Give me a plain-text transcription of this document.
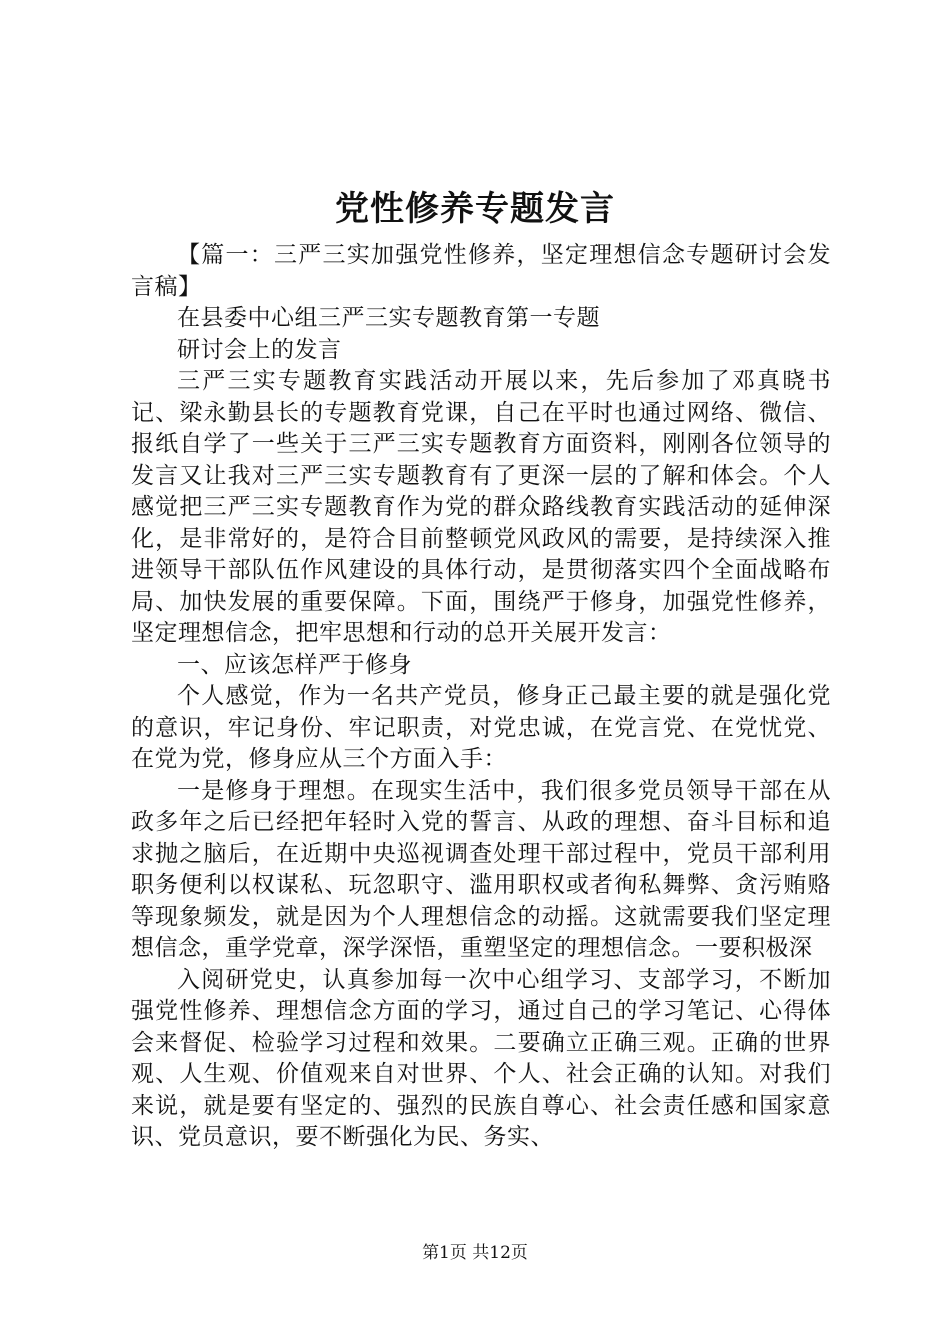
党性修养专题发言

【篇一：三严三实加强党性修养，坚定理想信念专题研讨会发言稿】

在县委中心组三严三实专题教育第一专题

研讨会上的发言

三严三实专题教育实践活动开展以来，先后参加了邓真晓书记、梁永勤县长的专题教育党课，自己在平时也通过网络、微信、报纸自学了一些关于三严三实专题教育方面资料，刚刚各位领导的发言又让我对三严三实专题教育有了更深一层的了解和体会。个人感觉把三严三实专题教育作为党的群众路线教育实践活动的延伸深化，是非常好的，是符合目前整顿党风政风的需要，是持续深入推进领导干部队伍作风建设的具体行动，是贯彻落实四个全面战略布局、加快发展的重要保障。下面，围绕严于修身，加强党性修养，坚定理想信念，把牢思想和行动的总开关展开发言：

一、应该怎样严于修身

个人感觉，作为一名共产党员，修身正己最主要的就是强化党的意识，牢记身份、牢记职责，对党忠诚，在党言党、在党忧党、在党为党，修身应从三个方面入手：

一是修身于理想。在现实生活中，我们很多党员领导干部在从政多年之后已经把年轻时入党的誓言、从政的理想、奋斗目标和追求抛之脑后，在近期中央巡视调查处理干部过程中，党员干部利用职务便利以权谋私、玩忽职守、滥用职权或者徇私舞弊、贪污贿赂等现象频发，就是因为个人理想信念的动摇。这就需要我们坚定理想信念，重学党章，深学深悟，重塑坚定的理想信念。一要积极深

入阅研党史，认真参加每一次中心组学习、支部学习，不断加强党性修养、理想信念方面的学习，通过自己的学习笔记、心得体会来督促、检验学习过程和效果。二要确立正确三观。正确的世界观、人生观、价值观来自对世界、个人、社会正确的认知。对我们来说，就是要有坚定的、强烈的民族自尊心、社会责任感和国家意识、党员意识，要不断强化为民、务实、

第1页 共12页
